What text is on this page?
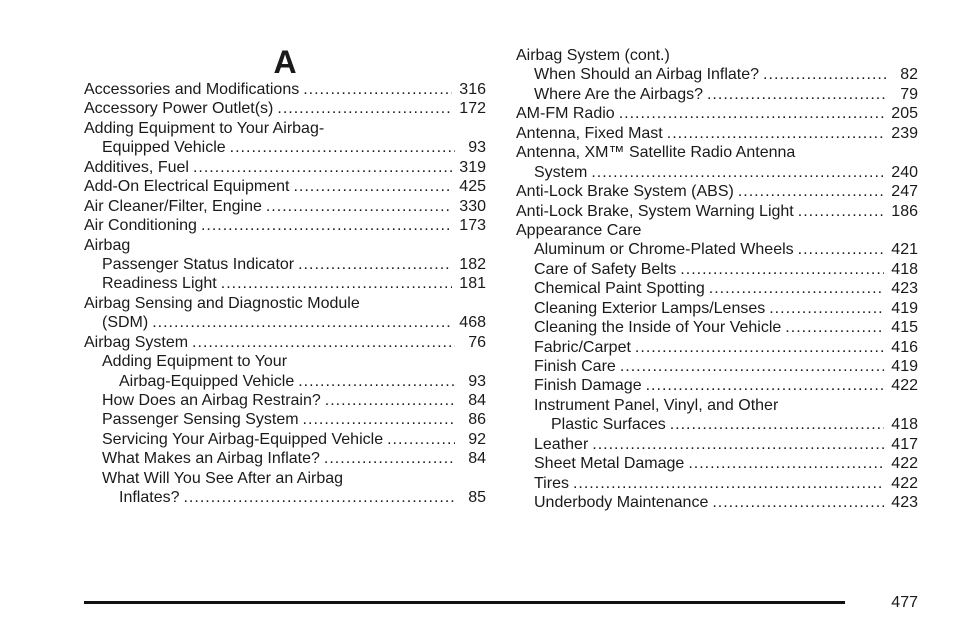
A
Accessories and Modifications .....	316
Accessory Power Outlet(s) .....	172
Adding Equipment to Your Airbag-
Equipped Vehicle .....	93
Additives, Fuel .....	319
Add-On Electrical Equipment .....	425
Air Cleaner/Filter, Engine .....	330
Air Conditioning .....	173
Airbag
Passenger Status Indicator .....	182
Readiness Light .....	181
Airbag Sensing and Diagnostic Module
(SDM) .....	468
Airbag System .....	76
Adding Equipment to Your
Airbag-Equipped Vehicle .....	93
How Does an Airbag Restrain? .....	84
Passenger Sensing System .....	86
Servicing Your Airbag-Equipped Vehicle .....	92
What Makes an Airbag Inflate? .....	84
What Will You See After an Airbag
Inflates? .....	85
Airbag System (cont.)
When Should an Airbag Inflate? .....	82
Where Are the Airbags? .....	79
AM-FM Radio .....	205
Antenna, Fixed Mast .....	239
Antenna, XM™ Satellite Radio Antenna
System .....	240
Anti-Lock Brake System (ABS) .....	247
Anti-Lock Brake, System Warning Light .....	186
Appearance Care
Aluminum or Chrome-Plated Wheels .....	421
Care of Safety Belts .....	418
Chemical Paint Spotting .....	423
Cleaning Exterior Lamps/Lenses .....	419
Cleaning the Inside of Your Vehicle .....	415
Fabric/Carpet .....	416
Finish Care .....	419
Finish Damage .....	422
Instrument Panel, Vinyl, and Other
Plastic Surfaces .....	418
Leather .....	417
Sheet Metal Damage .....	422
Tires .....	422
Underbody Maintenance .....	423
477
